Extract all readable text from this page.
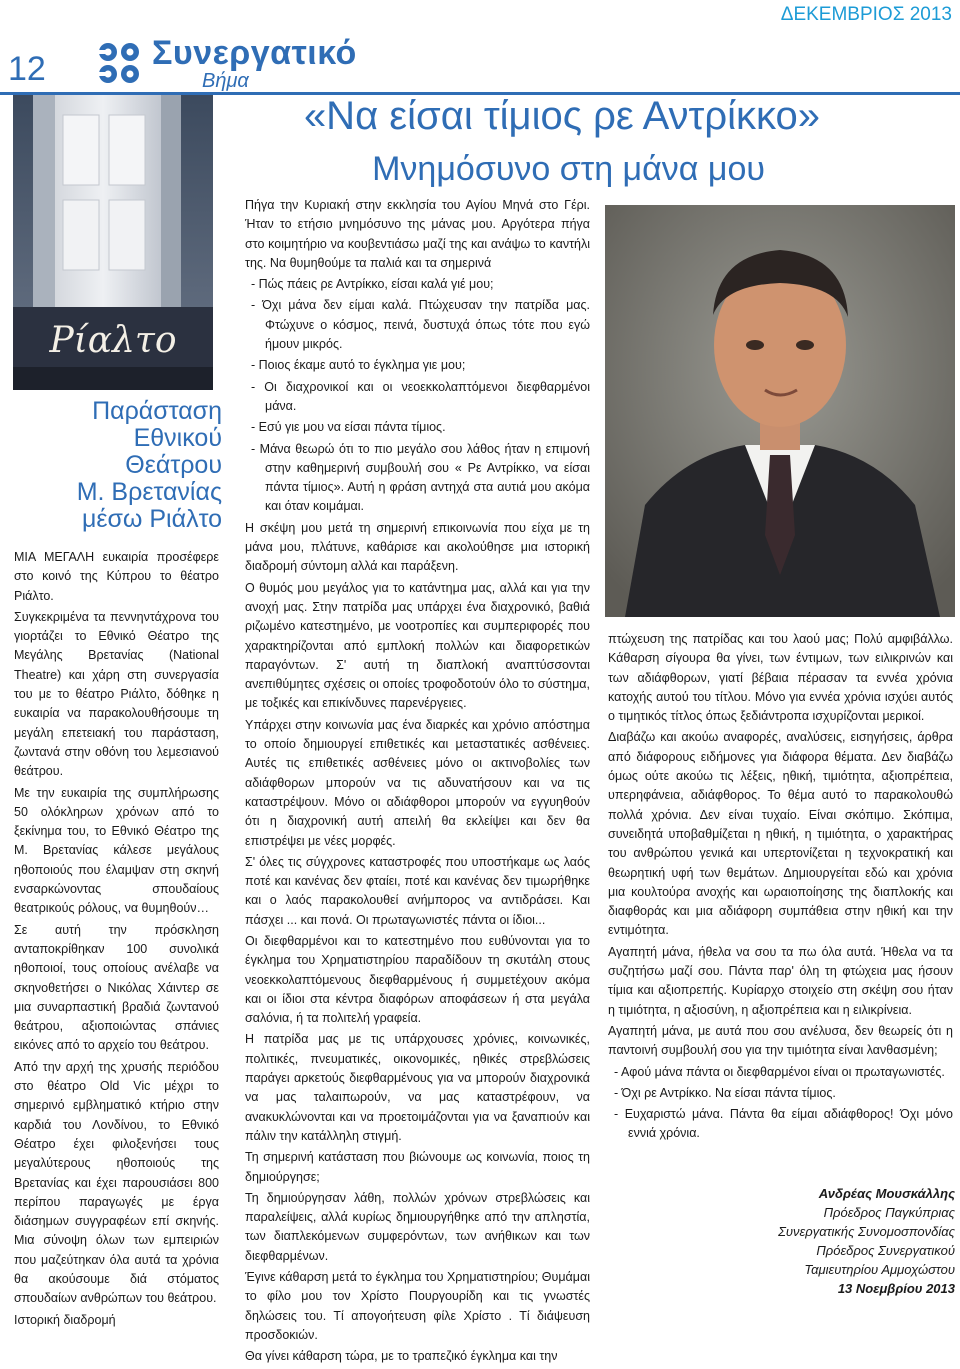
12	Συνεργατικό
Βήμα
ΔΕΚΕΜΒΡΙΟΣ 2013
Ρίαλτο
«Να είσαι τίμιος ρε Αντρίκκο»
Μνημόσυνο στη μάνα μου
Παράσταση Εθνικού
Θεάτρου
Μ. Βρετανίας
μέσω Ριάλτο

ΜΙΑ ΜΕΓΑΛΗ ευκαιρία προσέφερε στο κοινό της Κύπρου το θέατρο Ριάλτο.

Συγκεκριμένα τα πεννηντάχρονα του γιορτάζει το Εθνικό Θέατρο της Μεγάλης Βρετανίας (National Theatre) και χάρη στη συνεργασία του με το θέατρο Ριάλτο, δόθηκε η ευκαιρία να παρακολουθήσουμε τη μεγάλη επετειακή του παράσταση, ζωντανά στην οθόνη του λεμεσιανού θεάτρου.

Με την ευκαιρία της συμπλήρωσης 50 ολόκληρων χρόνων από το ξεκίνημα του, το Εθνικό Θέατρο της Μ. Βρετανίας κάλεσε μεγάλους ηθοποιούς που έλαμψαν στη σκηνή ενσαρκώνοντας σπουδαίους θεατρικούς ρόλους, να θυμηθούν…

Σε αυτή την πρόσκληση ανταποκρίθηκαν 100 συνολικά ηθοποιοί, τους οποίους ανέλαβε να σκηνοθετήσει ο Νικόλας Χάιντερ σε μια συναρπαστική βραδιά ζωντανού θεάτρου, αξιοποιώντας σπάνιες εικόνες από το αρχείο του θεάτρου.

Από την αρχή της χρυσής περιόδου στο θέατρο Old Vic μέχρι το σημερινό εμβληματικό κτήριο στην καρδιά του Λονδίνου, το Εθνικό Θέατρο έχει φιλοξενήσει τους μεγαλύτερους ηθοποιούς της Βρετανίας και έχει παρουσιάσει 800 περίπου παραγωγές με έργα διάσημων συγγραφέων επί σκηνής. Μια σύνοψη όλων των εμπειριών που μαζεύτηκαν όλα αυτά τα χρόνια θα ακούσουμε διά στόματος σπουδαίων ανθρώπων του θεάτρου.

Ιστορική διαδρομή

Πήγα την Κυριακή στην εκκλησία του Αγίου Μηνά στο Γέρι. Ήταν το ετήσιο μνημόσυνο της μάνας μου. Αργότερα πήγα στο κοιμητήριο να κουβεντιάσω μαζί της και ανάψω το καντήλι της. Να θυμηθούμε τα παλιά και τα σημερινά

- Πώς πάεις ρε Αντρίκκο, είσαι καλά γιέ μου;

- Όχι μάνα δεν είμαι καλά. Πτώχευσαν την πατρίδα μας. Φτώχυνε ο κόσμος, πεινά, δυστυχά όπως τότε που εγώ ήμουν μικρός.

- Ποιος έκαμε αυτό το έγκλημα γιε μου;

- Οι διαχρονικοί και οι νεοεκκολαπτόμενοι διεφθαρμένοι μάνα.

- Εσύ γιε μου να είσαι πάντα τίμιος.

- Μάνα θεωρώ ότι το πιο μεγάλο σου λάθος ήταν η επιμονή στην καθημερινή συμβουλή σου « Ρε Αντρίκκο, να είσαι πάντα τίμιος». Αυτή η φράση αντηχά στα αυτιά μου ακόμα και όταν κοιμάμαι.

Η σκέψη μου μετά τη σημερινή επικοινωνία που είχα με τη μάνα μου, πλάτυνε, καθάρισε και ακολούθησε μια ιστορική διαδρομή σύντομη αλλά και παράξενη.

Ο θυμός μου μεγάλος για το κατάντημα μας, αλλά και για την ανοχή μας. Στην πατρίδα μας υπάρχει ένα διαχρονικό, βαθιά ριζωμένο κατεστημένο, με νοοτροπίες και συμπεριφορές που χαρακτηρίζονται από εμπλοκή πολλών και διαφορετικών παραγόντων. Σ' αυτή τη διαπλοκή αναπτύσσονται ανεπιθύμητες σχέσεις οι οποίες τροφοδοτούν όλο το σύστημα, με τοξικές και επικίνδυνες παρενέργειες.

Υπάρχει στην κοινωνία μας ένα διαρκές και χρόνιο απόστημα το οποίο δημιουργεί επιθετικές και μεταστατικές ασθένειες. Αυτές τις επιθετικές ασθένειες μόνο οι ακτινοβολίες των αδιάφθορων μπορούν να τις αδυνατήσουν και να τις καταστρέψουν. Μόνο οι αδιάφθοροι μπορούν να εγγυηθούν ότι η διαχρονική αυτή απειλή θα εκλείψει και δεν θα επιστρέψει με νέες μορφές.

Σ' όλες τις σύγχρονες καταστροφές που υποστήκαμε ως λαός ποτέ και κανένας δεν φταίει, ποτέ και κανένας δεν τιμωρήθηκε και ο λαός παρακολουθεί ανήμπορος να αντιδράσει. Και πάσχει ... και πονά. Οι πρωταγωνιστές πάντα οι ίδιοι...

Οι διεφθαρμένοι και το κατεστημένο που ευθύνονται για το έγκλημα του Χρηματιστηρίου παραδίδουν τη σκυτάλη στους νεοεκκολαπτόμενους διεφθαρμένους ή συμμετέχουν ακόμα και οι ίδιοι στα κέντρα διαφόρων αποφάσεων ή στα μεγάλα σαλόνια, ή τα πολιτελή γραφεία.

Η πατρίδα μας με τις υπάρχουσες χρόνιες, κοινωνικές, πολιτικές, πνευματικές, οικονομικές, ηθικές στρεβλώσεις παράγει αρκετούς διεφθαρμένους για να μπορούν διαχρονικά να μας ταλαιπωρούν, να μας καταστρέφουν, να ανακυκλώνονται και να προετοιμάζονται για να ξαναπιούν και πάλιν την κατάλληλη στιγμή.

Τη σημερινή κατάσταση που βιώνουμε ως κοινωνία, ποιος τη δημιούργησε;

Τη δημιούργησαν λάθη, πολλών χρόνων στρεβλώσεις και παραλείψεις, αλλά κυρίως δημιουργήθηκε από την απληστία, των διαπλεκόμενων συμφερόντων, των ανήθικων και των διεφθαρμένων.

Έγινε κάθαρση μετά το έγκλημα του Χρηματιστηρίου; Θυμάμαι το φίλο μου τον Χρίστο Πουργουρίδη και τις γνωστές δηλώσεις του. Τί απογοήτευση φίλε Χρίστο . Τί διάψευση προσδοκιών.

Θα γίνει κάθαρση τώρα, με το τραπεζικό έγκλημα και την

πτώχευση της πατρίδας και του λαού μας; Πολύ αμφιβάλλω. Κάθαρση σίγουρα θα γίνει, των έντιμων, των ειλικρινών και των αδιάφθορων, γιατί βέβαια πέρασαν τα εννέα χρόνια κατοχής αυτού του τίτλου. Μόνο για εννέα χρόνια ισχύει αυτός ο τιμητικός τίτλος όπως ξεδιάντροπα ισχυρίζονται μερικοί.

Διαβάζω και ακούω αναφορές, αναλύσεις, εισηγήσεις, άρθρα από διάφορους ειδήμονες για διάφορα θέματα. Δεν διαβάζω όμως ούτε ακούω τις λέξεις, ηθική, τιμιότητα, αξιοπρέπεια, υπερηφάνεια, αδιάφθορος. Το θέμα αυτό το παρακολουθώ πολλά χρόνια. Δεν είναι τυχαίο. Είναι σκόπιμο. Σκόπιμα, συνειδητά υποβαθμίζεται η ηθική, η τιμιότητα, ο χαρακτήρας του ανθρώπου γενικά και υπερτονίζεται η τεχνοκρατική και θεωρητική υφή των θεμάτων. Δημιουργείται εδώ και χρόνια μια κουλτούρα ανοχής και ωραιοποίησης της διαπλοκής και διαφθοράς και μια αδιάφορη συμπάθεια στην ηθική και την εντιμότητα.

Αγαπητή μάνα, ήθελα να σου τα πω όλα αυτά. Ήθελα να τα συζητήσω μαζί σου. Πάντα παρ' όλη τη φτώχεια μας ήσουν τίμια και αξιοπρεπής. Κυρίαρχο στοιχείο στη σκέψη σου ήταν η τιμιότητα, η αξιοσύνη, η αξιοπρέπεια και η ειλικρίνεια.

Αγαπητή μάνα, με αυτά που σου ανέλυσα, δεν θεωρείς ότι η παντοινή συμβουλή σου για την τιμιότητα είναι λανθασμένη;

- Αφού μάνα πάντα οι διεφθαρμένοι είναι οι πρωταγωνιστές.

- Όχι ρε Αντρίκκο. Να είσαι πάντα τίμιος.

- Ευχαριστώ μάνα. Πάντα θα είμαι αδιάφθορος! Όχι μόνο εννιά χρόνια.

Ανδρέας Μουσκάλλης
Πρόεδρος Παγκύπριας
Συνεργατικής Συνομοσπονδίας
Πρόεδρος Συνεργατικού
Ταμιευτηρίου Αμμοχώστου
13 Νοεμβρίου 2013
